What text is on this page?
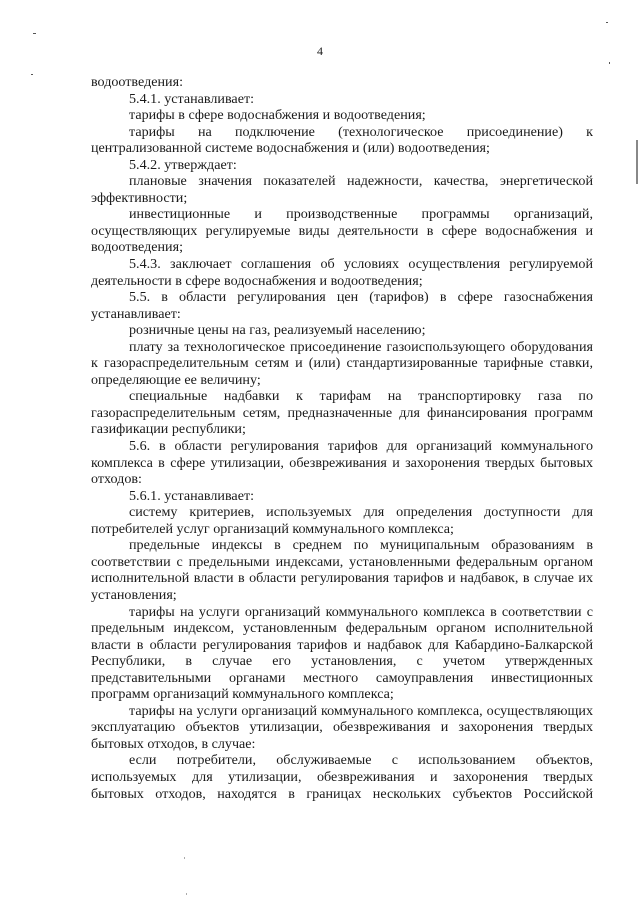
4

водоотведения:

5.4.1. устанавливает:

тарифы в сфере водоснабжения и водоотведения;

тарифы на подключение (технологическое присоединение) к централизованной системе водоснабжения и (или) водоотведения;

5.4.2. утверждает:

плановые значения показателей надежности, качества, энергетической эффективности;

инвестиционные и производственные программы организаций, осуществляющих регулируемые виды деятельности в сфере водоснабжения и водоотведения;

5.4.3. заключает соглашения об условиях осуществления регулируемой деятельности в сфере водоснабжения и водоотведения;

5.5. в области регулирования цен (тарифов) в сфере газоснабжения устанавливает:

розничные цены на газ, реализуемый населению;

плату за технологическое присоединение газоиспользующего оборудования к газораспределительным сетям и (или) стандартизированные тарифные ставки, определяющие ее величину;

специальные надбавки к тарифам на транспортировку газа по газораспределительным сетям, предназначенные для финансирования программ газификации республики;

5.6. в области регулирования тарифов для организаций коммунального комплекса в сфере утилизации, обезвреживания и захоронения твердых бытовых отходов:

5.6.1. устанавливает:

систему критериев, используемых для определения доступности для потребителей услуг организаций коммунального комплекса;

предельные индексы в среднем по муниципальным образованиям в соответствии с предельными индексами, установленными федеральным органом исполнительной власти в области регулирования тарифов и надбавок, в случае их установления;

тарифы на услуги организаций коммунального комплекса в соответствии с предельным индексом, установленным федеральным органом исполнительной власти в области регулирования тарифов и надбавок для Кабардино-Балкарской Республики, в случае его установления, с учетом утвержденных представительными органами местного самоуправления инвестиционных программ организаций коммунального комплекса;

тарифы на услуги организаций коммунального комплекса, осуществляющих эксплуатацию объектов утилизации, обезвреживания и захоронения твердых бытовых отходов, в случае:

если потребители, обслуживаемые с использованием объектов,

используемых для утилизации, обезвреживания и захоронения твердых

бытовых отходов, находятся в границах нескольких субъектов Российской
